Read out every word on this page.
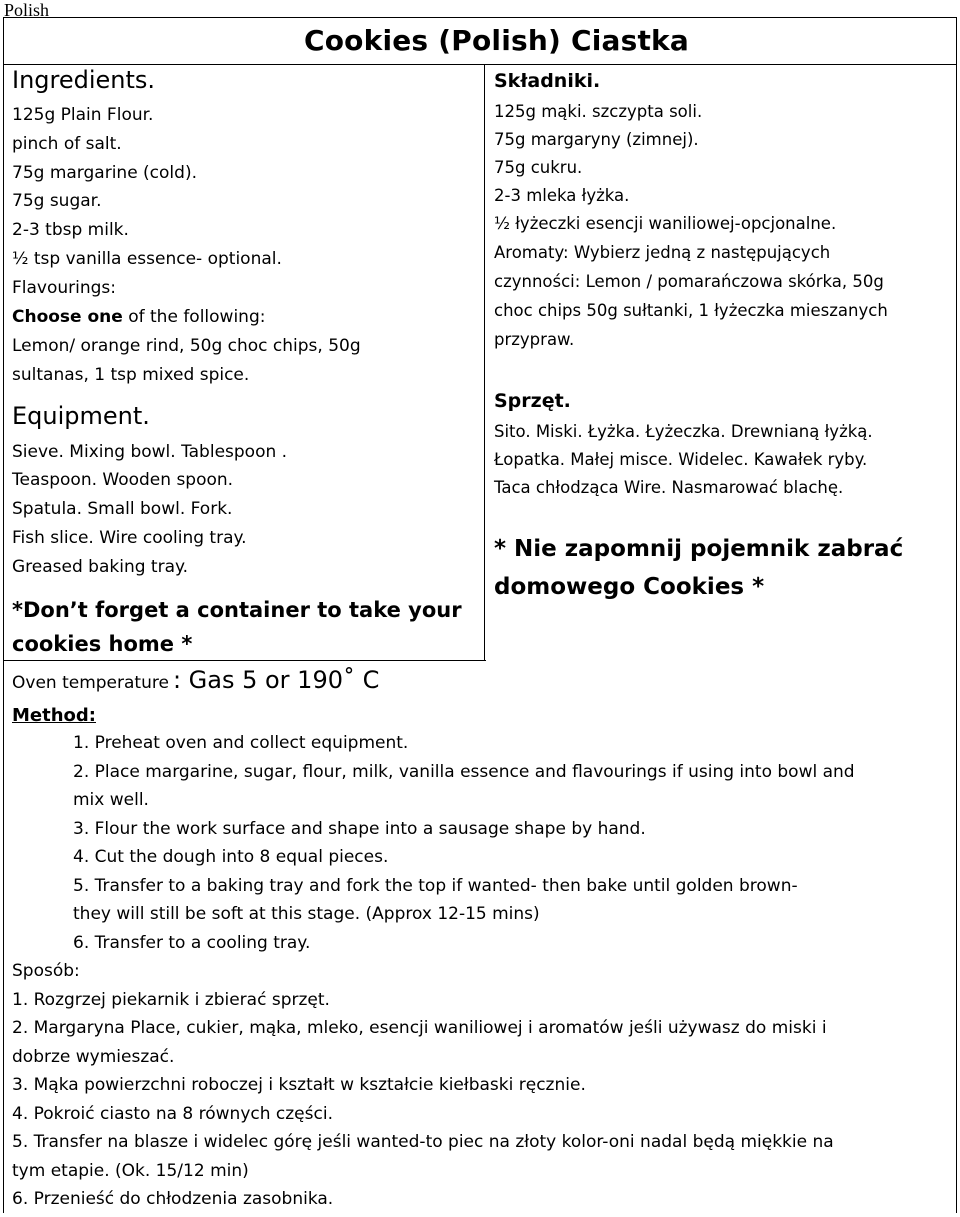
Polish
Cookies (Polish) Ciastka
Ingredients.
125g Plain Flour.
pinch of salt.
75g margarine (cold).
75g sugar.
2-3 tbsp milk.
½ tsp vanilla essence- optional.
Flavourings:
Choose one of the following:
Lemon/ orange rind, 50g choc chips, 50g
sultanas, 1 tsp mixed spice.
Equipment.
Sieve. Mixing bowl. Tablespoon .
Teaspoon. Wooden spoon.
Spatula. Small bowl. Fork.
Fish slice. Wire cooling tray.
Greased baking tray.
*Don’t forget a container to take your
cookies home *
Oven temperature : Gas 5 or 190˚ C
Składniki.
125g mąki. szczypta soli.
75g margaryny (zimnej).
75g cukru.
2-3 mleka łyżka.
½ łyżeczki esencji waniliowej-opcjonalne.
Aromaty: Wybierz jedną z następujących
czynności: Lemon / pomarańczowa skórka, 50g
choc chips 50g sułtanki, 1 łyżeczka mieszanych
przypraw.
Sprzęt.
Sito. Miski. Łyżka. Łyżeczka. Drewnianą łyżką.
Łopatka. Małej misce. Widelec. Kawałek ryby.
Taca chłodząca Wire. Nasmarować blachę.
* Nie zapomnij pojemnik zabrać
domowego Cookies *
Method:
1. Preheat oven and collect equipment.
2. Place margarine, sugar, flour, milk, vanilla essence and flavourings if using into bowl and
mix well.
3. Flour the work surface and shape into a sausage shape by hand.
4. Cut the dough into 8 equal pieces.
5. Transfer to a baking tray and fork the top if wanted- then bake until golden brown-
they will still be soft at this stage. (Approx 12-15 mins)
6. Transfer to a cooling tray.
Sposób:
1. Rozgrzej piekarnik i zbierać sprzęt.
2. Margaryna Place, cukier, mąka, mleko, esencji waniliowej i aromatów jeśli używasz do miski i
dobrze wymieszać.
3. Mąka powierzchni roboczej i kształt w kształcie kiełbaski ręcznie.
4. Pokroić ciasto na 8 równych części.
5. Transfer na blasze i widelec górę jeśli wanted-to piec na złoty kolor-oni nadal będą miękkie na
tym etapie. (Ok. 15/12 min)
6. Przenieść do chłodzenia zasobnika.
